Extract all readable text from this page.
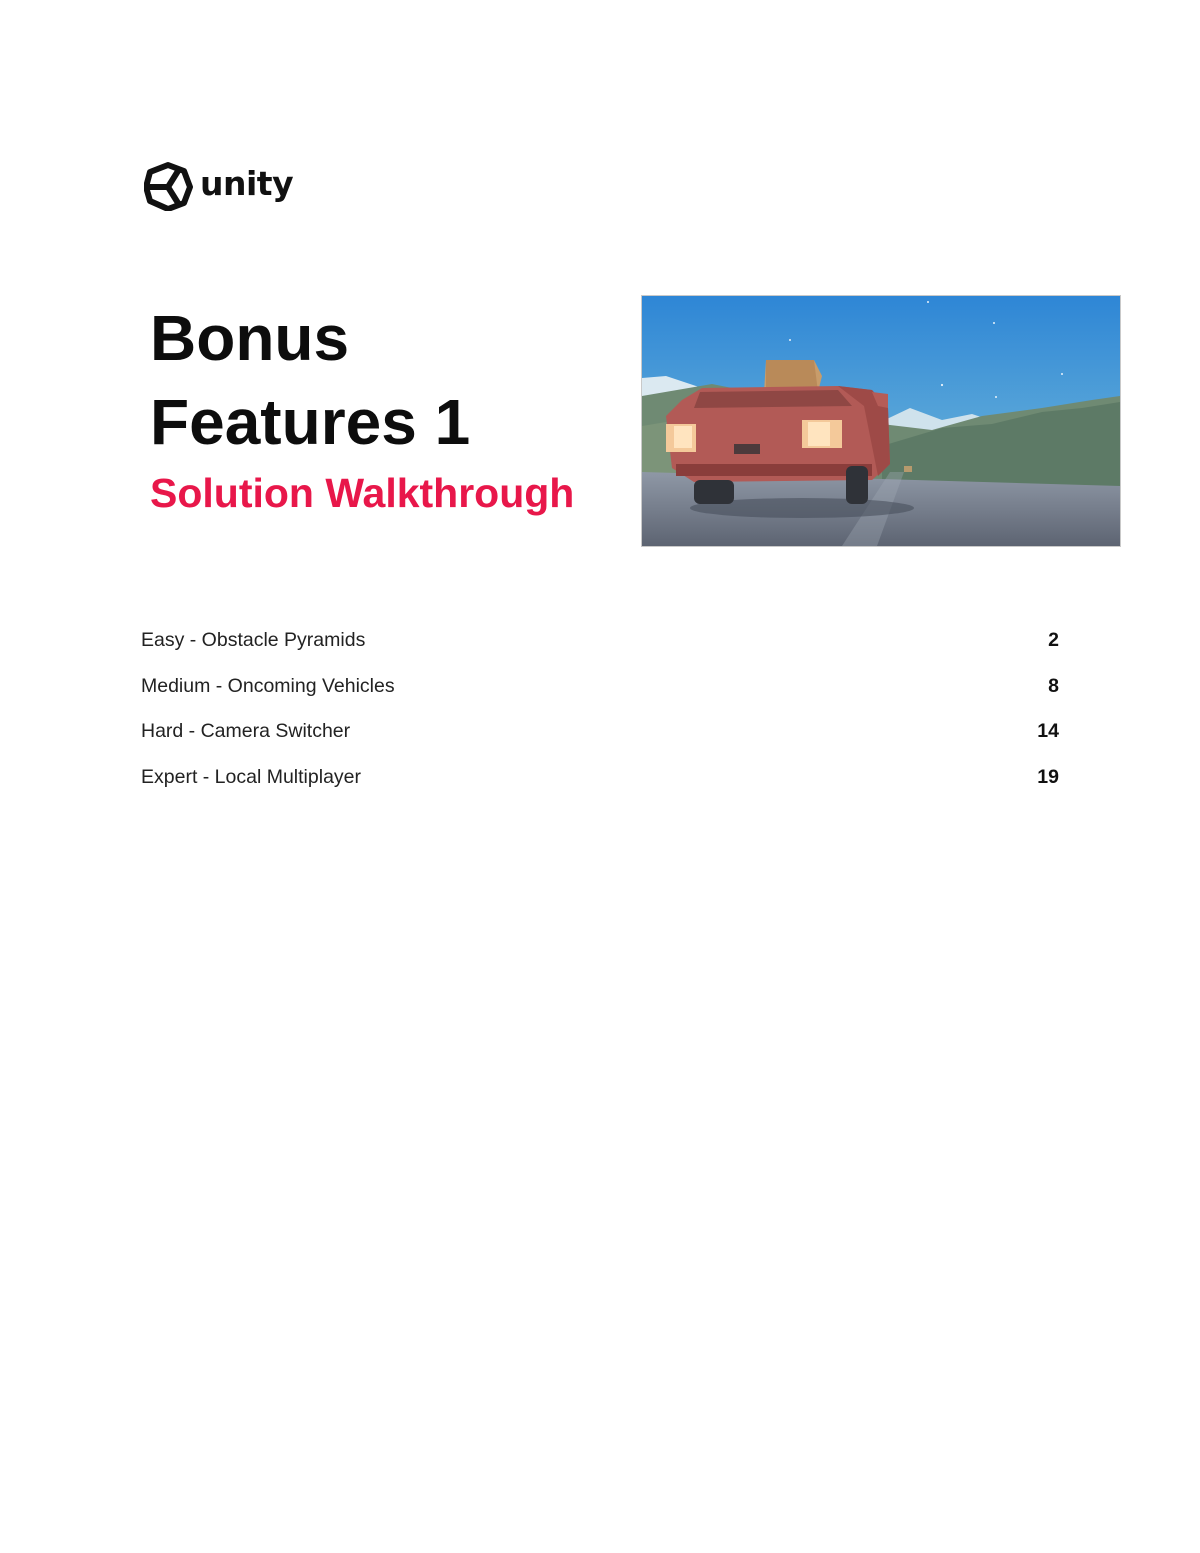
unity
Bonus
Features 1
Solution Walkthrough
Easy - Obstacle Pyramids	2
Medium - Oncoming Vehicles	8
Hard - Camera Switcher	14
Expert - Local Multiplayer	19
